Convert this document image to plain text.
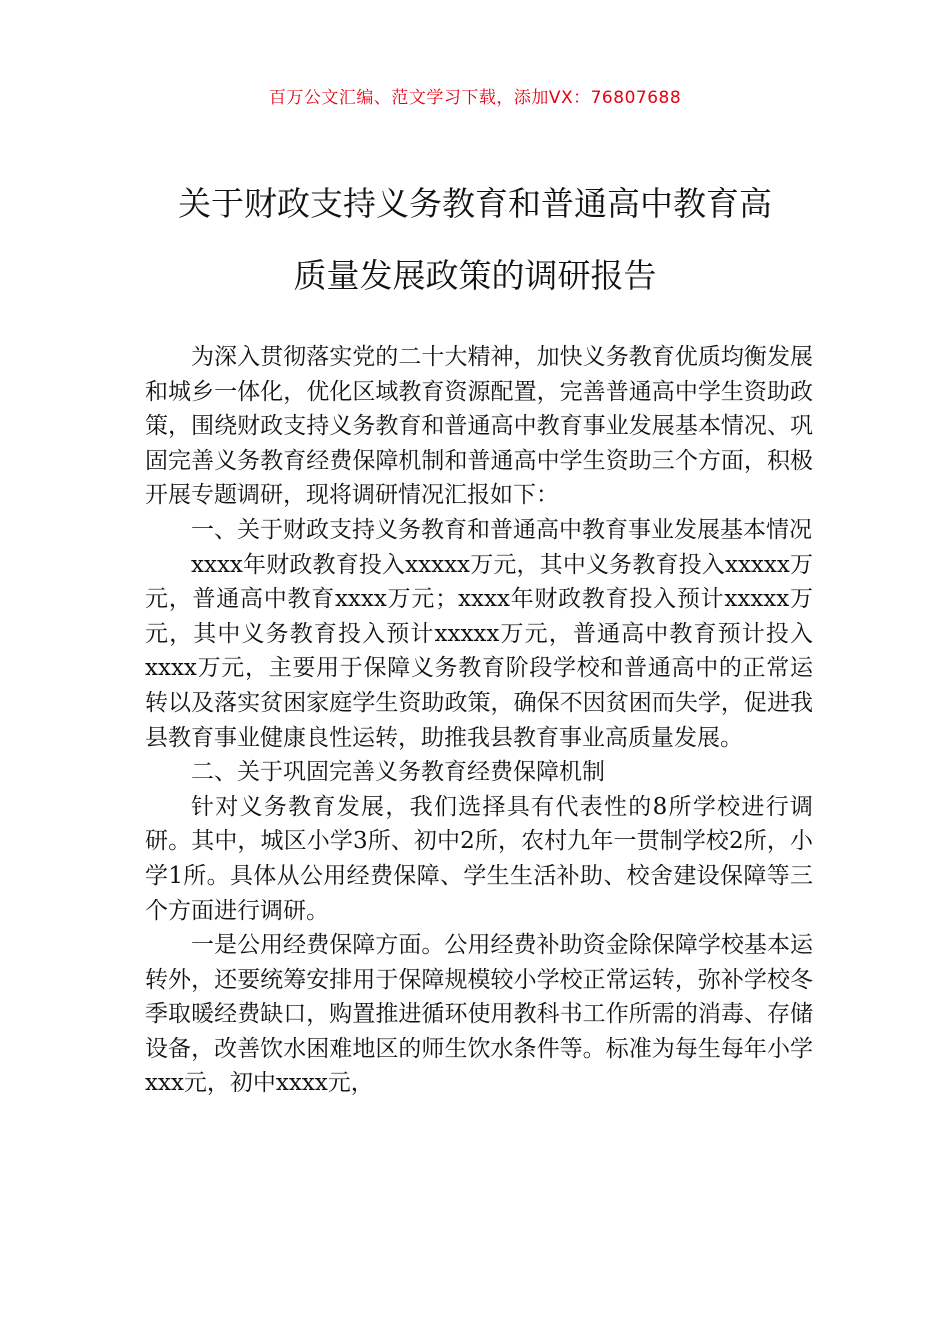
百万公文汇编、范文学习下载，添加VX：76807688
关于财政支持义务教育和普通高中教育高
质量发展政策的调研报告

为深入贯彻落实党的二十大精神，加快义务教育优质均衡发展和城乡一体化，优化区域教育资源配置，完善普通高中学生资助政策，围绕财政支持义务教育和普通高中教育事业发展基本情况、巩固完善义务教育经费保障机制和普通高中学生资助三个方面，积极开展专题调研，现将调研情况汇报如下：

一、关于财政支持义务教育和普通高中教育事业发展基本情况

xxxx年财政教育投入xxxxx万元，其中义务教育投入xxxxx万元，普通高中教育xxxx万元；xxxx年财政教育投入预计xxxxx万元，其中义务教育投入预计xxxxx万元，普通高中教育预计投入xxxx万元，主要用于保障义务教育阶段学校和普通高中的正常运转以及落实贫困家庭学生资助政策，确保不因贫困而失学，促进我县教育事业健康良性运转，助推我县教育事业高质量发展。

二、关于巩固完善义务教育经费保障机制

针对义务教育发展，我们选择具有代表性的8所学校进行调研。其中，城区小学3所、初中2所，农村九年一贯制学校2所，小学1所。具体从公用经费保障、学生生活补助、校舍建设保障等三个方面进行调研。

一是公用经费保障方面。公用经费补助资金除保障学校基本运转外，还要统筹安排用于保障规模较小学校正常运转，弥补学校冬季取暖经费缺口，购置推进循环使用教科书工作所需的消毒、存储设备，改善饮水困难地区的师生饮水条件等。标准为每生每年小学xxx元，初中xxxx元，
